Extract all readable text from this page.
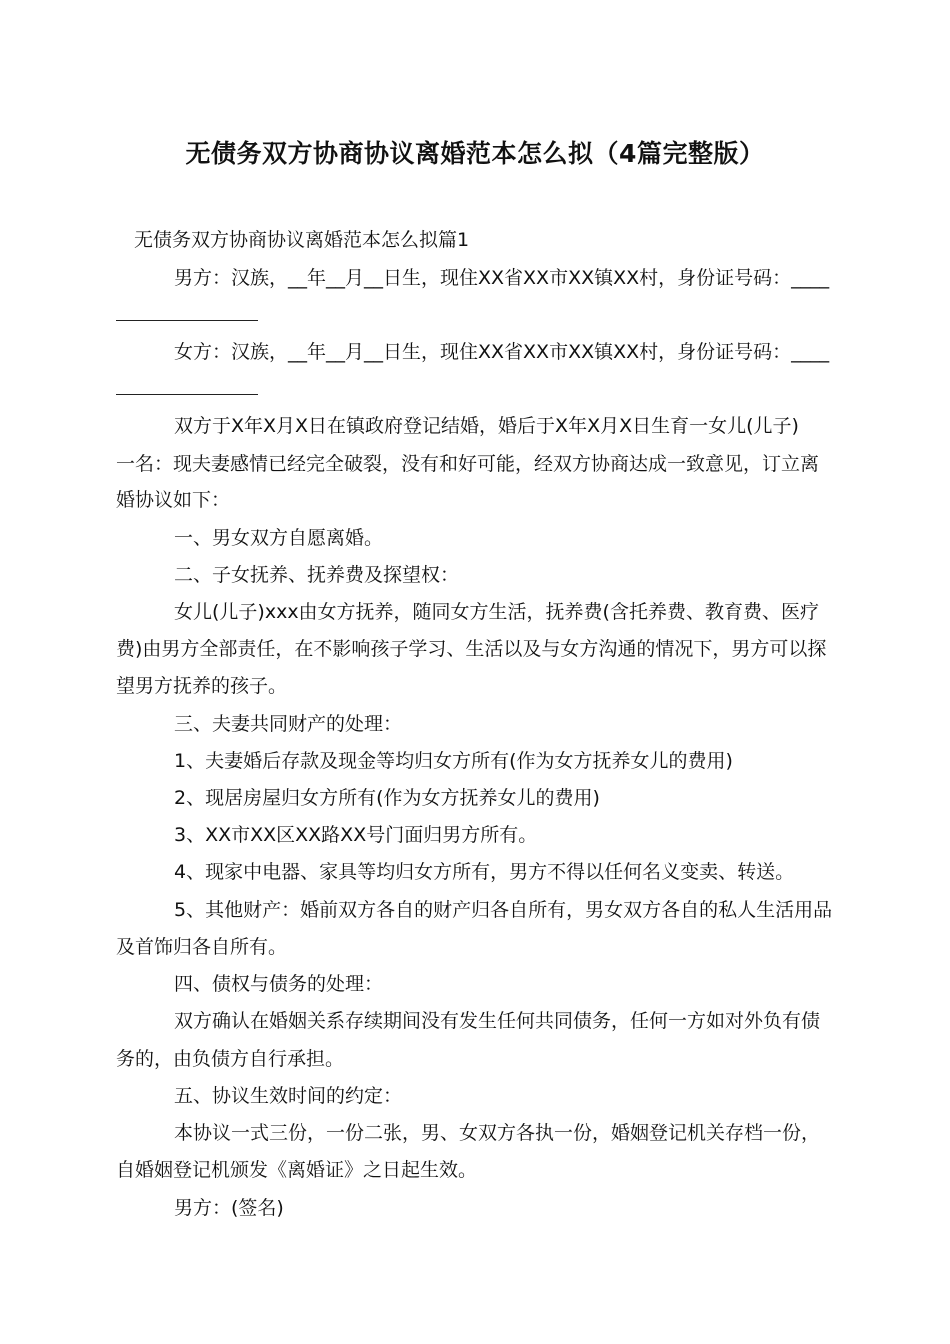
无债务双方协商协议离婚范本怎么拟（4篇完整版）
无债务双方协商协议离婚范本怎么拟篇1
男方：汉族，__年__月__日生，现住XX省XX市XX镇XX村，身份证号码：____
女方：汉族，__年__月__日生，现住XX省XX市XX镇XX村，身份证号码：____
双方于X年X月X日在镇政府登记结婚，婚后于X年X月X日生育一女儿(儿子)
一名：现夫妻感情已经完全破裂，没有和好可能，经双方协商达成一致意见，订立离
婚协议如下：
一、男女双方自愿离婚。
二、子女抚养、抚养费及探望权：
女儿(儿子)xxx由女方抚养，随同女方生活，抚养费(含托养费、教育费、医疗
费)由男方全部责任，在不影响孩子学习、生活以及与女方沟通的情况下，男方可以探
望男方抚养的孩子。
三、夫妻共同财产的处理：
1、夫妻婚后存款及现金等均归女方所有(作为女方抚养女儿的费用)
2、现居房屋归女方所有(作为女方抚养女儿的费用)
3、XX市XX区XX路XX号门面归男方所有。
4、现家中电器、家具等均归女方所有，男方不得以任何名义变卖、转送。
5、其他财产：婚前双方各自的财产归各自所有，男女双方各自的私人生活用品
及首饰归各自所有。
四、债权与债务的处理：
双方确认在婚姻关系存续期间没有发生任何共同债务，任何一方如对外负有债
务的，由负债方自行承担。
五、协议生效时间的约定：
本协议一式三份，一份二张，男、女双方各执一份，婚姻登记机关存档一份，
自婚姻登记机颁发《离婚证》之日起生效。
男方：(签名)
